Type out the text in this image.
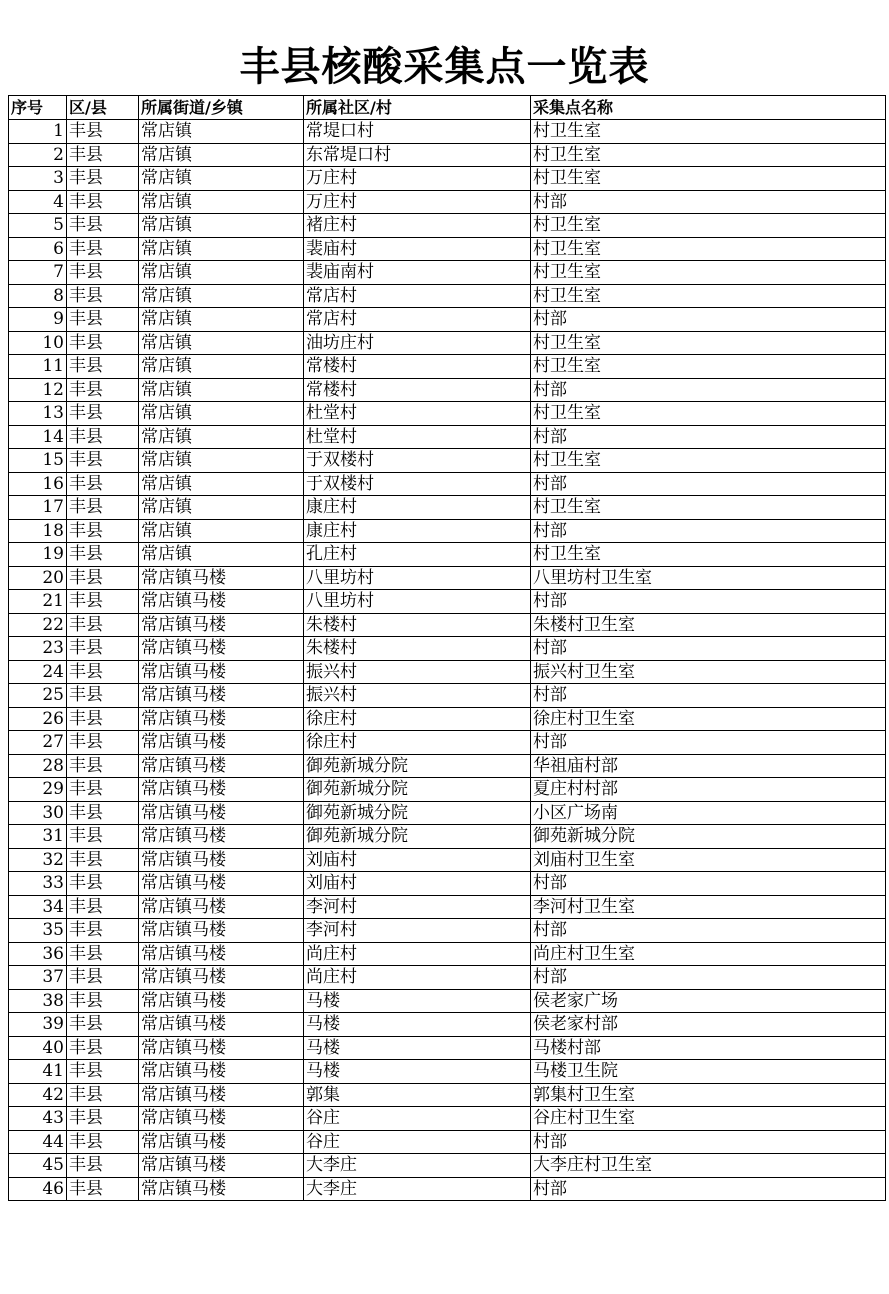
丰县核酸采集点一览表
序号	区/县	所属街道/乡镇	所属社区/村	采集点名称
1	丰县	常店镇	常堤口村	村卫生室
2	丰县	常店镇	东常堤口村	村卫生室
3	丰县	常店镇	万庄村	村卫生室
4	丰县	常店镇	万庄村	村部
5	丰县	常店镇	褚庄村	村卫生室
6	丰县	常店镇	裴庙村	村卫生室
7	丰县	常店镇	裴庙南村	村卫生室
8	丰县	常店镇	常店村	村卫生室
9	丰县	常店镇	常店村	村部
10	丰县	常店镇	油坊庄村	村卫生室
11	丰县	常店镇	常楼村	村卫生室
12	丰县	常店镇	常楼村	村部
13	丰县	常店镇	杜堂村	村卫生室
14	丰县	常店镇	杜堂村	村部
15	丰县	常店镇	于双楼村	村卫生室
16	丰县	常店镇	于双楼村	村部
17	丰县	常店镇	康庄村	村卫生室
18	丰县	常店镇	康庄村	村部
19	丰县	常店镇	孔庄村	村卫生室
20	丰县	常店镇马楼	八里坊村	八里坊村卫生室
21	丰县	常店镇马楼	八里坊村	村部
22	丰县	常店镇马楼	朱楼村	朱楼村卫生室
23	丰县	常店镇马楼	朱楼村	村部
24	丰县	常店镇马楼	振兴村	振兴村卫生室
25	丰县	常店镇马楼	振兴村	村部
26	丰县	常店镇马楼	徐庄村	徐庄村卫生室
27	丰县	常店镇马楼	徐庄村	村部
28	丰县	常店镇马楼	御苑新城分院	华祖庙村部
29	丰县	常店镇马楼	御苑新城分院	夏庄村村部
30	丰县	常店镇马楼	御苑新城分院	小区广场南
31	丰县	常店镇马楼	御苑新城分院	御苑新城分院
32	丰县	常店镇马楼	刘庙村	刘庙村卫生室
33	丰县	常店镇马楼	刘庙村	村部
34	丰县	常店镇马楼	李河村	李河村卫生室
35	丰县	常店镇马楼	李河村	村部
36	丰县	常店镇马楼	尚庄村	尚庄村卫生室
37	丰县	常店镇马楼	尚庄村	村部
38	丰县	常店镇马楼	马楼	侯老家广场
39	丰县	常店镇马楼	马楼	侯老家村部
40	丰县	常店镇马楼	马楼	马楼村部
41	丰县	常店镇马楼	马楼	马楼卫生院
42	丰县	常店镇马楼	郭集	郭集村卫生室
43	丰县	常店镇马楼	谷庄	谷庄村卫生室
44	丰县	常店镇马楼	谷庄	村部
45	丰县	常店镇马楼	大李庄	大李庄村卫生室
46	丰县	常店镇马楼	大李庄	村部
